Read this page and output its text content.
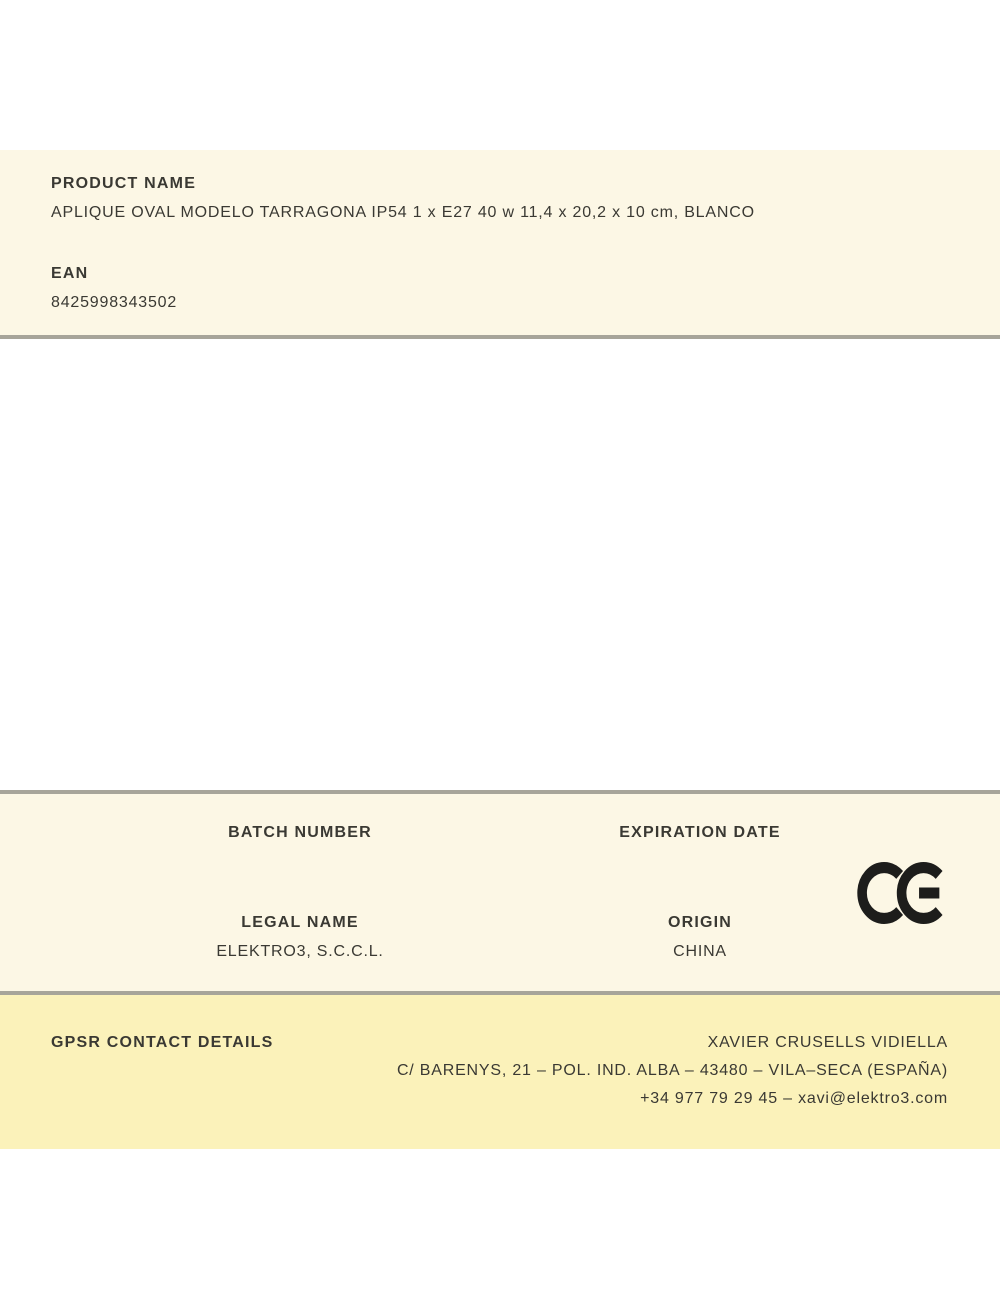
PRODUCT NAME
APLIQUE OVAL MODELO TARRAGONA IP54 1 x E27 40 w 11,4 x 20,2 x 10 cm, BLANCO
EAN
8425998343502
BATCH NUMBER	EXPIRATION DATE
LEGAL NAME
ELEKTRO3, S.C.C.L.
ORIGIN
CHINA
GPSR CONTACT DETAILS	XAVIER CRUSELLS VIDIELLA
C/ BARENYS, 21 – POL. IND. ALBA – 43480 – VILA–SECA (ESPAÑA)
+34 977 79 29 45 – xavi@elektro3.com
